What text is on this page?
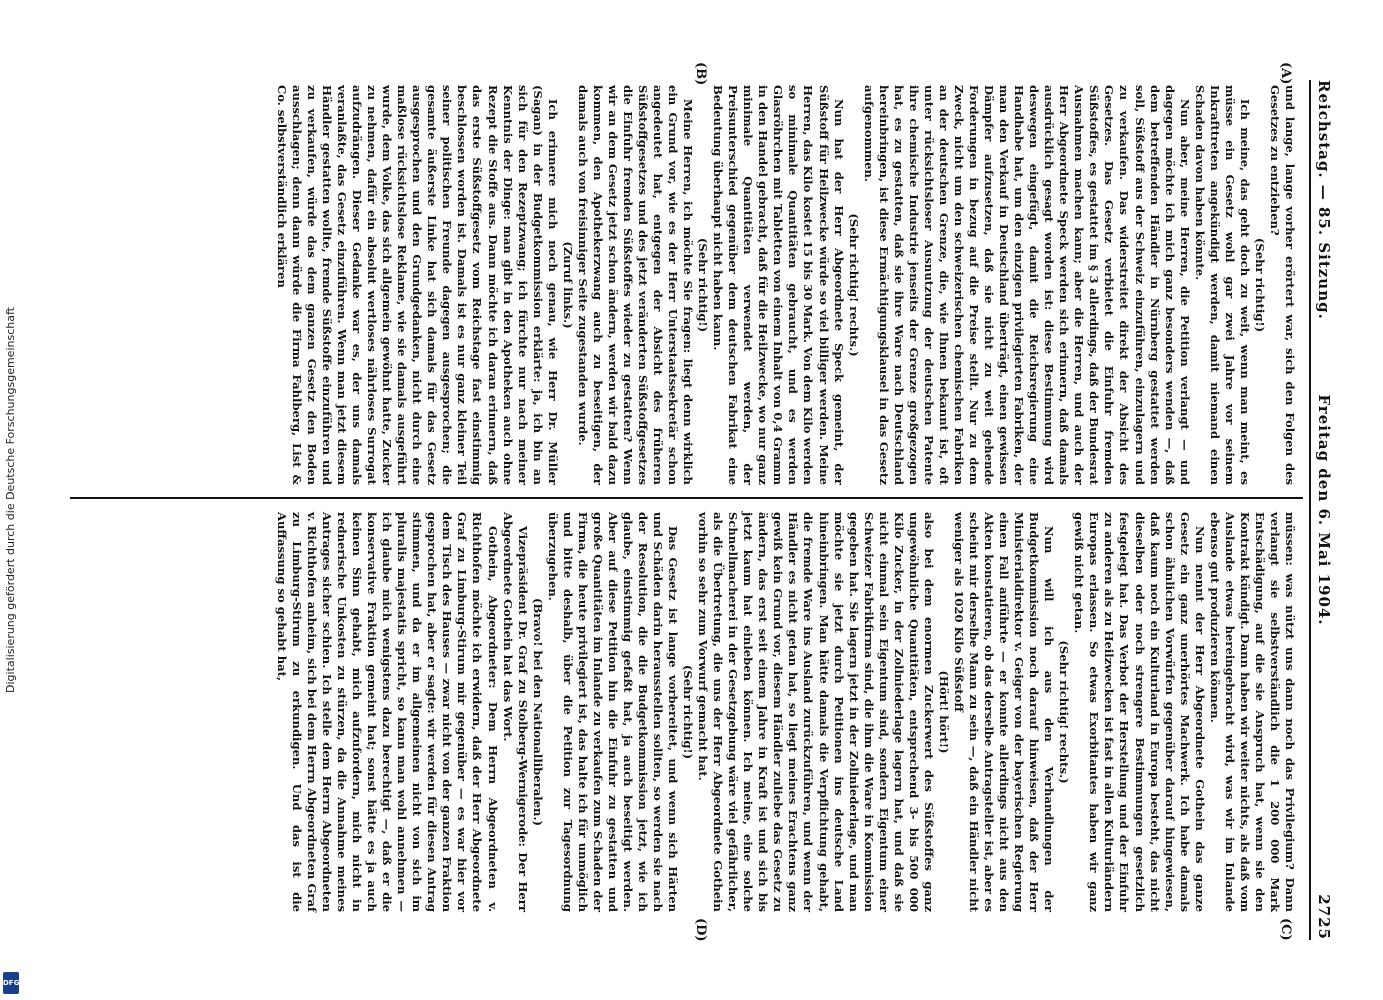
Reichstag. — 85. Sitzung.
Freitag den 6. Mai 1904.
2725
(A)
(B)
(C)
(D)

und lange, lange vorher erörtert war, sich den Folgen des Gesetzes zu entziehen?

(Sehr richtig!)

Ich meine, das geht doch zu weit, wenn man meint, es müsse ein Gesetz wohl gar zwei Jahre vor seinem Inkrafttreten angekündigt werden, damit niemand einen Schaden davon haben könnte.

Nun aber, meine Herren, die Petition verlangt — und dagegen möchte ich mich ganz besonders wenden —, daß dem betreffenden Händler in Nürnberg gestattet werden soll, Süßstoff aus der Schweiz einzuführen, einzulagern und zu verkaufen. Das widerstreitet direkt der Absicht des Gesetzes. Das Gesetz verbietet die Einfuhr fremden Süßstoffes, es gestattet im § 3 allerdings, daß der Bundesrat Ausnahmen machen kann; aber die Herren, und auch der Herr Abgeordnete Speck werden sich erinnern, daß damals ausdrücklich gesagt worden ist: diese Bestimmung wird deswegen eingefügt, damit die Reichsregierung eine Handhabe hat, um den einzigen privilegierten Fabriken, der man den Verkauf in Deutschland überträgt, einen gewissen Dämpfer aufzusetzen, daß sie nicht zu weit gehende Forderungen in bezug auf die Preise stellt. Nur zu dem Zweck, nicht um den schweizerischen chemischen Fabriken an der deutschen Grenze, die, wie Ihnen bekannt ist, oft unter rücksichtsloser Ausnutzung der deutschen Patente ihre chemische Industrie jenseits der Grenze großgezogen hat, es zu gestatten, daß sie ihre Ware nach Deutschland hereinbringen, ist diese Ermächtigungsklausel in das Gesetz aufgenommen.

(Sehr richtig! rechts.)

Nun hat der Herr Abgeordnete Speck gemeint, der Süßstoff für Heilzwecke würde so viel billiger werden. Meine Herren, das Kilo kostet 15 bis 30 Mark. Von dem Kilo werden so minimale Quantitäten gebraucht, und es werden Glasröhrchen mit Tabletten von einem Inhalt von 0,4 Gramm in den Handel gebracht, daß für die Heilzwecke, wo nur ganz minimale Quantitäten verwendet werden, der Preisunterschied gegenüber dem deutschen Fabrikat eine Bedeutung überhaupt nicht haben kann.

(Sehr richtig!)

Meine Herren, ich möchte Sie fragen: liegt denn wirklich ein Grund vor, wie es der Herr Unterstaatssekretär schon angedeutet hat, entgegen der Absicht des früheren Süßstoffgesetzes und des jetzt veränderten Süßstoffgesetzes die Einfuhr fremden Süßstoffes wieder zu gestatten? Wenn wir an dem Gesetz jetzt schon ändern, werden wir bald dazu kommen, den Apothekerzwang auch zu beseitigen, der damals auch von freisinniger Seite zugestanden wurde.

(Zuruf links.)

Ich erinnere mich noch genau, wie Herr Dr. Müller (Sagan) in der Budgetkommission erklärte: ja, ich bin an sich für den Rezeptzwang; ich fürchte nur nach meiner Kenntnis der Dinge: man gibt in den Apotheken auch ohne Rezept die Stoffe aus. Dann möchte ich daran erinnern, daß das erste Süßstoffgesetz vom Reichstage fast einstimmig beschlossen worden ist. Damals ist es nur ganz kleiner Teil seiner politischen Freunde dagegen ausgesprochen; die gesamte äußerste Linke hat sich damals für das Gesetz ausgesprochen und den Grundgedanken, nicht durch eine maßlose rücksichtslose Reklame, wie sie damals ausgeführt wurde, dem Volke, das sich allgemein gewöhnt hatte, Zucker zu nehmen, dafür ein absolut wertloses nährloses Surrogat aufzudrängen. Dieser Gedanke war es, der uns damals veranlaßte, das Gesetz einzuführen. Wenn man jetzt diesem Händler gestatten wollte, fremde Süßstoffe einzuführen und zu verkaufen, würde das dem ganzen Gesetz den Boden ausschlagen; denn dann würde die Firma Fahlberg, List & Co. selbstverständlich erklären

müssen: was nützt uns dann noch das Privilegium? Dann verlangt sie selbstverständlich die 1 200 000 Mark Entschädigung, auf die sie Anspruch hat, wenn sie den Kontrakt kündigt. Dann haben wir weiter nichts, als daß vom Auslande etwas hereingebracht wird, was wir im Inlande ebenso gut produzieren können.

Nun nennt der Herr Abgeordnete Gothein das ganze Gesetz ein ganz unerhörtes Machwerk. Ich habe damals schon ähnlichen Vorwürfen gegenüber darauf hingewiesen, daß kaum noch ein Kulturland in Europa besteht, das nicht dieselben oder noch strengere Bestimmungen gesetzlich festgelegt hat. Das Verbot der Herstellung und der Einfuhr zu anderen als zu Heilzwecken ist fast in allen Kulturländern Europas erlassen. So etwas Exorbitantes haben wir ganz gewiß nicht getan.

(Sehr richtig! rechts.)

Nun will ich aus den Verhandlungen der Budgetkommission noch darauf hinweisen, daß der Herr Ministerialdirektor v. Geiger von der bayerischen Regierung einen Fall anführte — er konnte allerdings nicht aus den Akten konstatieren, ob das derselbe Antragsteller ist, aber es scheint mir derselbe Mann zu sein —, daß ein Händler nicht weniger als 1020 Kilo Süßstoff

(Hört! hört!)

also bei dem enormen Zuckerwert des Süßstoffes ganz ungewöhnliche Quantitäten, entsprechend 3- bis 500 000 Kilo Zucker, in der Zollniederlage lagern hat, und daß sie nicht einmal sein Eigentum sind, sondern Eigentum einer Schweizer Fabrikfirma sind, die ihm die Ware in Kommission gegeben hat. Sie lagern jetzt in der Zollniederlage, und man möchte sie jetzt durch Petitionen ins deutsche Land hineinbringen. Man hätte damals die Verpflichtung gehabt, die fremde Ware ins Ausland zurückzuführen, und wenn der Händler es nicht getan hat, so liegt meines Erachtens ganz gewiß kein Grund vor, diesem Händler zuliebe das Gesetz zu ändern, das erst seit einem Jahre in Kraft ist und sich bis jetzt kaum hat einleben können. Ich meine, eine solche Schnellmacherei in der Gesetzgebung wäre viel gefährlicher, als die Übertretung, die uns der Herr Abgeordnete Gothein vorhin so sehr zum Vorwurf gemacht hat.

(Sehr richtig!)

Das Gesetz ist lange vorbereitet, und wenn sich Härten und Schäden darin herausstellen sollten, so werden sie nach der Resolution, die die Budgetkommission jetzt, wie ich glaube, einstimmig gefaßt hat, ja auch beseitigt werden. Aber auf diese Petition hin die Einfuhr zu gestatten und große Quantitäten im Inlande zu verkaufen zum Schaden der Firma, die heute privilegiert ist, das halte ich für unmöglich und bitte deshalb, über die Petition zur Tagesordnung überzugehen.

(Bravo! bei den Nationalliberalen.)

Vizepräsident Dr. Graf zu Stolberg-Wernigerode: Der Herr Abgeordnete Gothein hat das Wort.

Gothein, Abgeordneter: Dem Herrn Abgeordneten v. Richthofen möchte ich erwidern, daß der Herr Abgeordnete Graf zu Limburg-Stirum mir gegenüber — es war hier vor dem Tisch des Hauses — zwar nicht von der ganzen Fraktion gesprochen hat, aber er sagte: wir werden für diesen Antrag stimmen, und da er im allgemeinen nicht von sich im pluralis majestatis spricht, so kann man wohl annehmen — ich glaube mich wenigstens dazu berechtigt —, daß er die konservative Fraktion gemeint hat; sonst hätte es ja auch keinen Sinn gehabt, mich aufzufordern, mich nicht in rednerische Unkosten zu stürzen, da die Annahme meines Antrages sicher schien. Ich stelle dem Herrn Abgeordneten v. Richthofen anheim, sich bei dem Herrn Abgeordneten Graf zu Limburg-Stirum zu erkundigen. Und das ist die Auffassung so gehabt hat,

Digitalisierung gefördert durch die Deutsche Forschungsgemeinschaft
DFG
